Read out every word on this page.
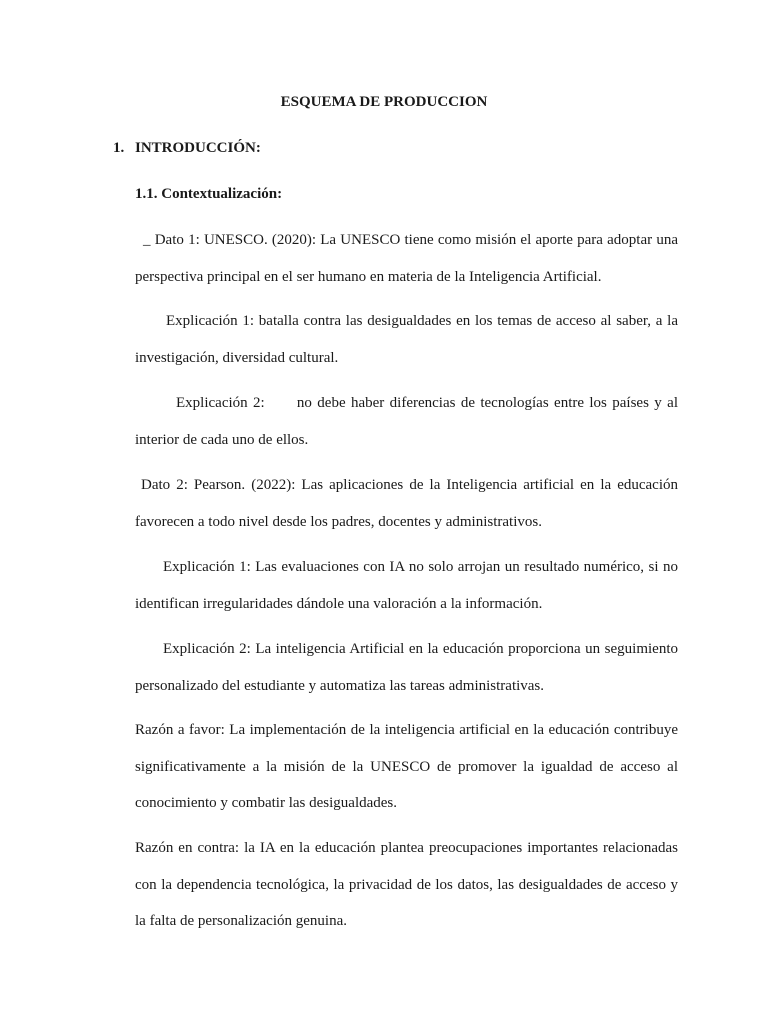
ESQUEMA DE PRODUCCION
1. INTRODUCCIÓN:
1.1. Contextualización:

_ Dato 1: UNESCO. (2020): La UNESCO tiene como misión el aporte para adoptar una perspectiva principal en el ser humano en materia de la Inteligencia Artificial.

Explicación 1: batalla contra las desigualdades en los temas de acceso al saber, a la investigación, diversidad cultural.

Explicación 2:      no debe haber diferencias de tecnologías entre los países y al interior de cada uno de ellos.

Dato 2: Pearson. (2022): Las aplicaciones de la Inteligencia artificial en la educación favorecen a todo nivel desde los padres, docentes y administrativos.

Explicación 1: Las evaluaciones con IA no solo arrojan un resultado numérico, si no identifican irregularidades dándole una valoración a la información.

Explicación 2: La inteligencia Artificial en la educación proporciona un seguimiento personalizado del estudiante y automatiza las tareas administrativas.

Razón a favor: La implementación de la inteligencia artificial en la educación contribuye significativamente a la misión de la UNESCO de promover la igualdad de acceso al conocimiento y combatir las desigualdades.

Razón en contra: la IA en la educación plantea preocupaciones importantes relacionadas con la dependencia tecnológica, la privacidad de los datos, las desigualdades de acceso y la falta de personalización genuina.
